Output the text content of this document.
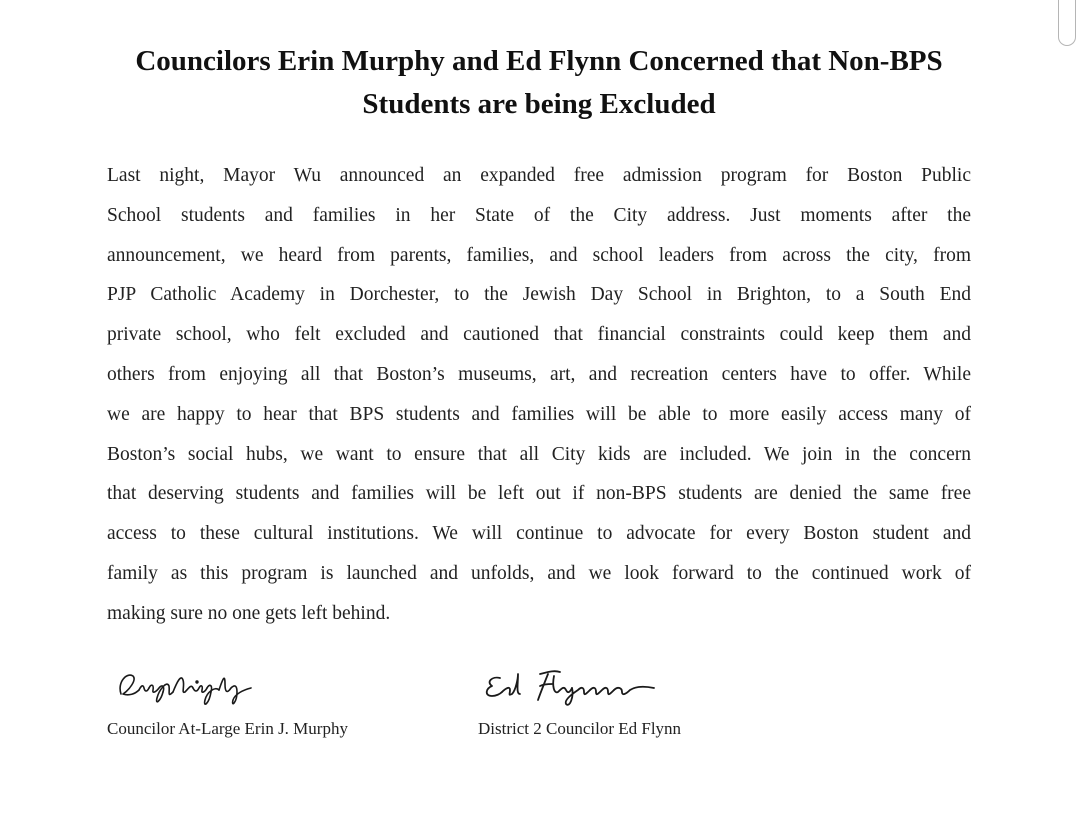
Councilors Erin Murphy and Ed Flynn Concerned that Non-BPS
Students are being Excluded
Last night, Mayor Wu announced an expanded free admission program for Boston Public
School students and families in her State of the City address. Just moments after the
announcement, we heard from parents, families, and school leaders from across the city, from
PJP Catholic Academy in Dorchester, to the Jewish Day School in Brighton, to a South End
private school, who felt excluded and cautioned that financial constraints could keep them and
others from enjoying all that Boston’s museums, art, and recreation centers have to offer. While
we are happy to hear that BPS students and families will be able to more easily access many of
Boston’s social hubs, we want to ensure that all City kids are included. We join in the concern
that deserving students and families will be left out if non-BPS students are denied the same free
access to these cultural institutions. We will continue to advocate for every Boston student and
family as this program is launched and unfolds, and we look forward to the continued work of
making sure no one gets left behind.
Councilor At-Large Erin J. Murphy	District 2 Councilor Ed Flynn
